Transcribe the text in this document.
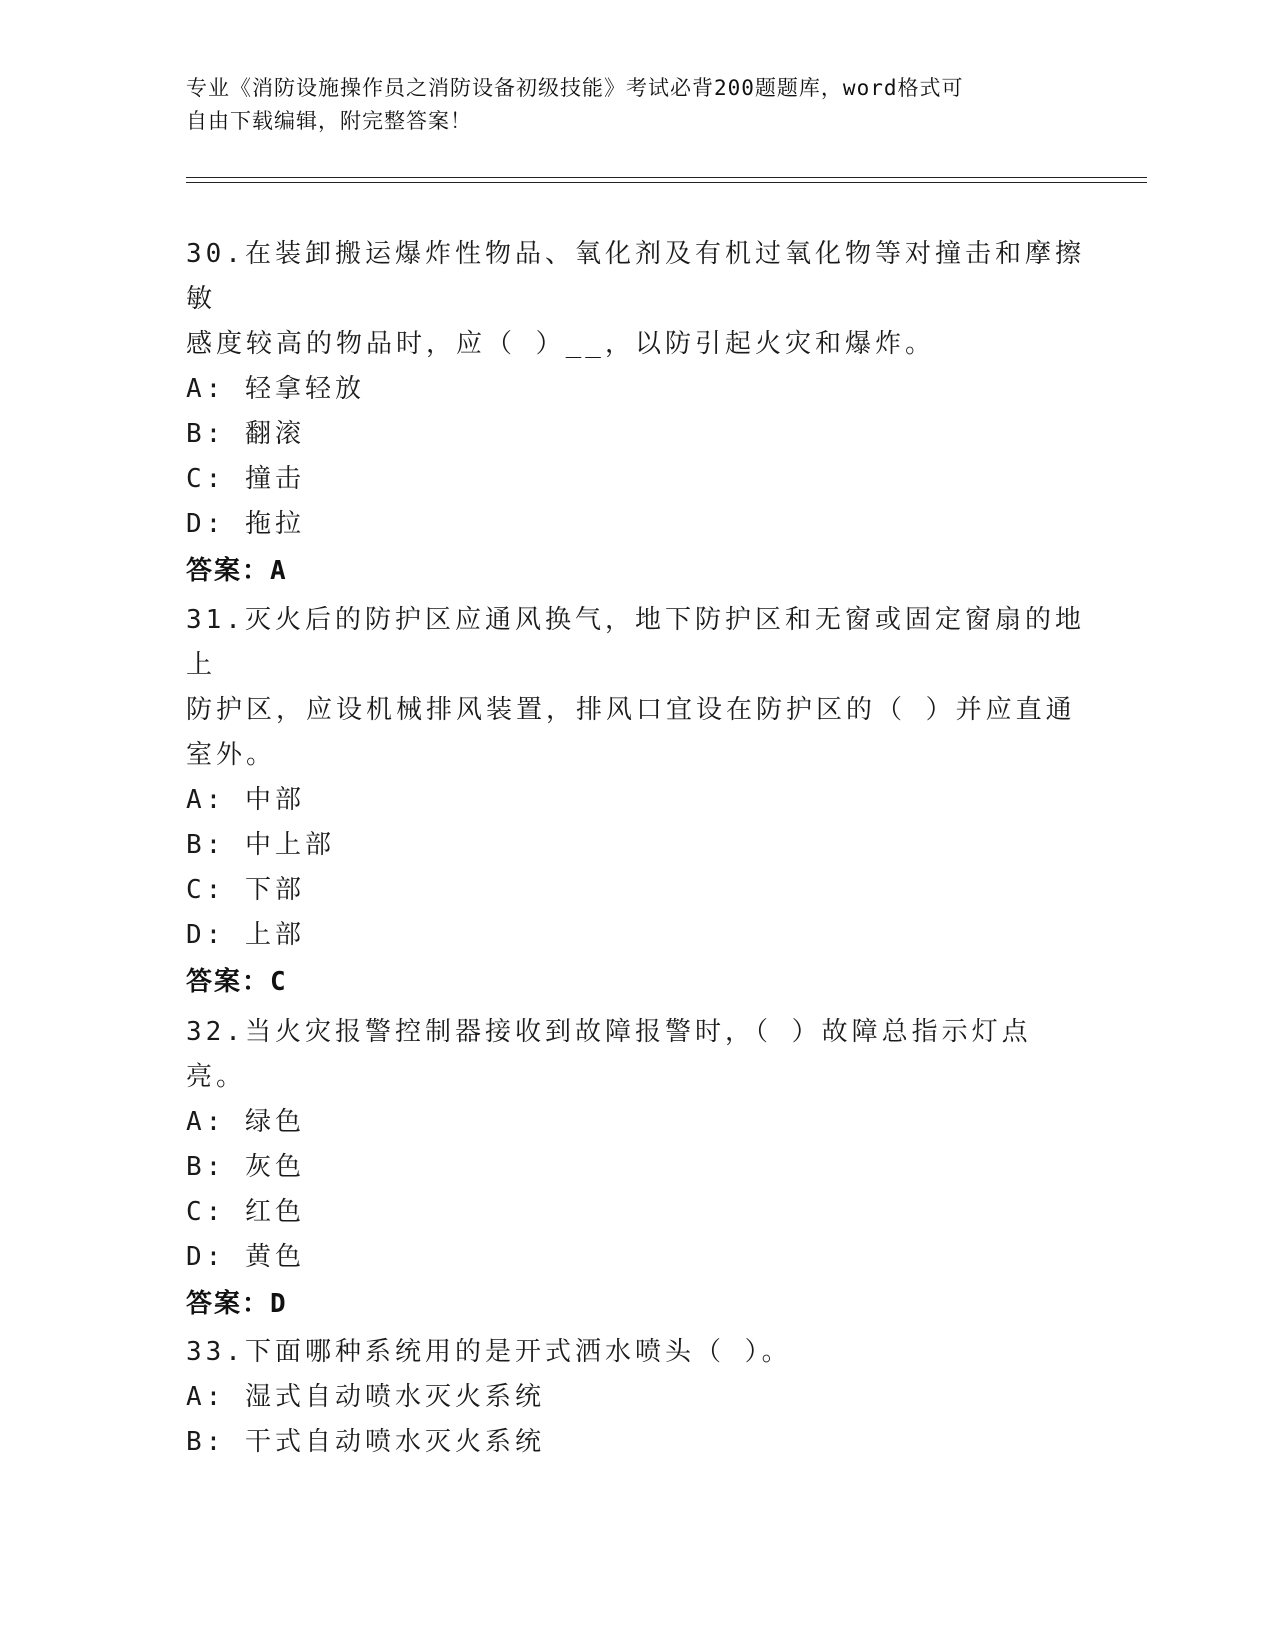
专业《消防设施操作员之消防设备初级技能》考试必背200题题库，word格式可
自由下载编辑，附完整答案！
30.在装卸搬运爆炸性物品、氧化剂及有机过氧化物等对撞击和摩擦敏
感度较高的物品时，应（ ）__，以防引起火灾和爆炸。
A: 轻拿轻放
B: 翻滚
C: 撞击
D: 拖拉
答案：A
31.灭火后的防护区应通风换气，地下防护区和无窗或固定窗扇的地上
防护区，应设机械排风装置，排风口宜设在防护区的（ ）并应直通
室外。
A: 中部
B: 中上部
C: 下部
D: 上部
答案：C
32.当火灾报警控制器接收到故障报警时，（ ）故障总指示灯点亮。
A: 绿色
B: 灰色
C: 红色
D: 黄色
答案：D
33.下面哪种系统用的是开式洒水喷头（ ）。
A: 湿式自动喷水灭火系统
B: 干式自动喷水灭火系统
